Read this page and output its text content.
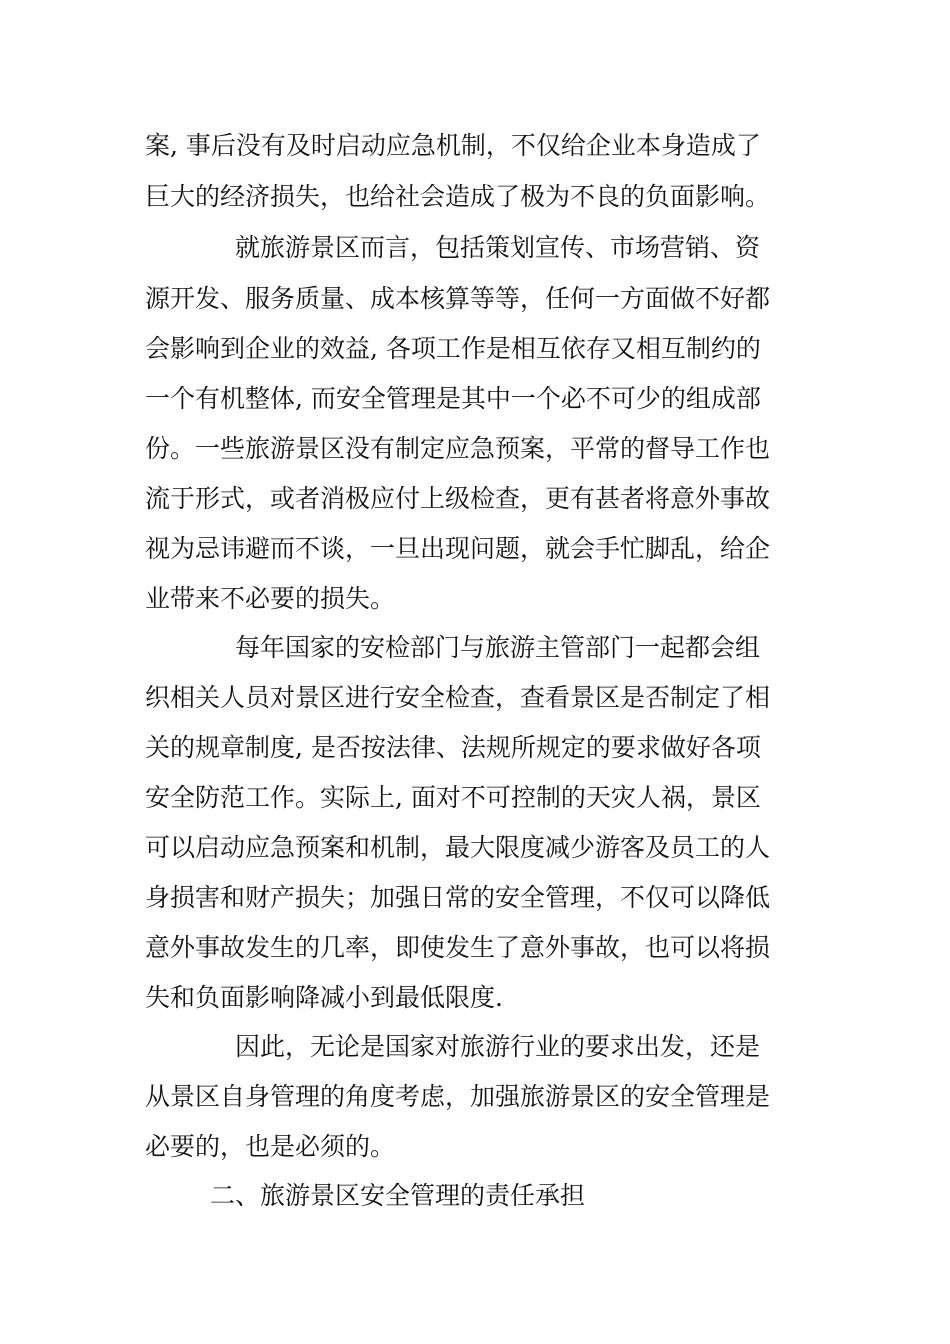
案, 事后没有及时启动应急机制，不仅给企业本身造成了
巨大的经济损失，也给社会造成了极为不良的负面影响。
就旅游景区而言，包括策划宣传、市场营销、资
源开发、服务质量、成本核算等等，任何一方面做不好都
会影响到企业的效益, 各项工作是相互依存又相互制约的
一个有机整体, 而安全管理是其中一个必不可少的组成部
份。一些旅游景区没有制定应急预案，平常的督导工作也
流于形式，或者消极应付上级检查，更有甚者将意外事故
视为忌讳避而不谈，一旦出现问题，就会手忙脚乱，给企
业带来不必要的损失。
每年国家的安检部门与旅游主管部门一起都会组
织相关人员对景区进行安全检查，查看景区是否制定了相
关的规章制度, 是否按法律、法规所规定的要求做好各项
安全防范工作。实际上, 面对不可控制的天灾人祸，景区
可以启动应急预案和机制，最大限度减少游客及员工的人
身损害和财产损失；加强日常的安全管理，不仅可以降低
意外事故发生的几率，即使发生了意外事故，也可以将损
失和负面影响降减小到最低限度.
因此，无论是国家对旅游行业的要求出发，还是
从景区自身管理的角度考虑，加强旅游景区的安全管理是
必要的，也是必须的。
二、旅游景区安全管理的责任承担
